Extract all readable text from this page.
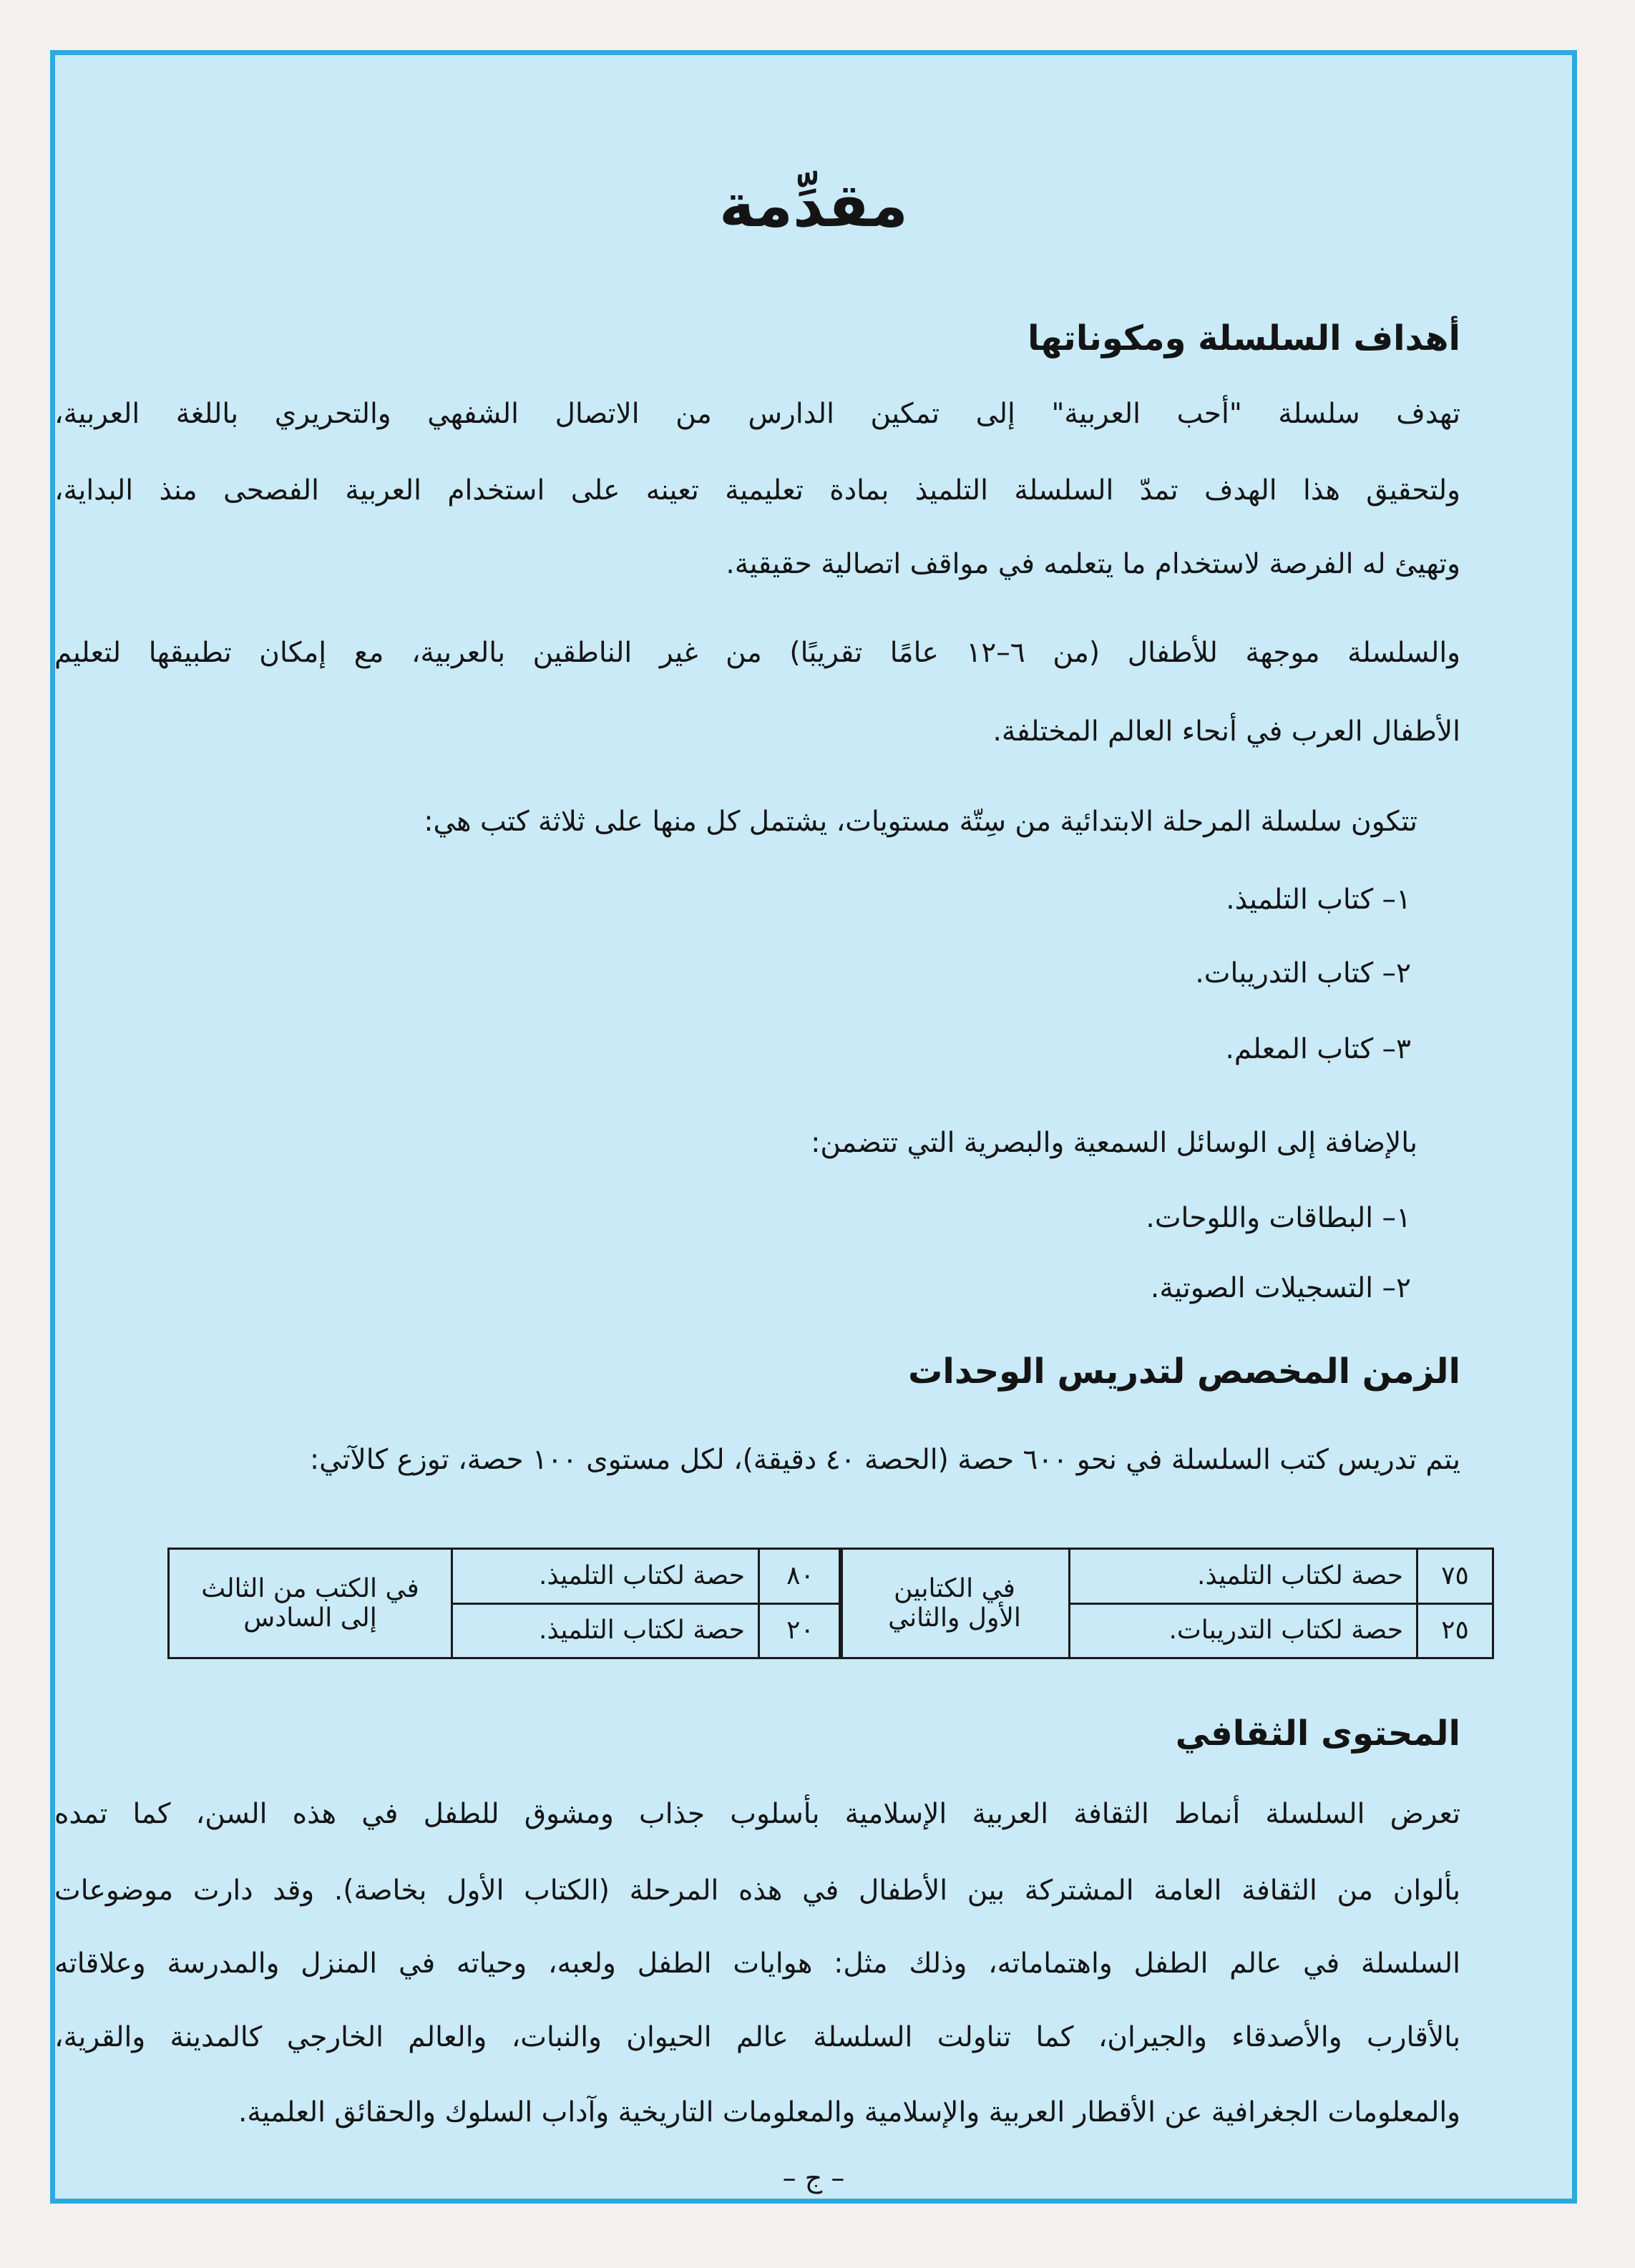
مقدِّمة
أهداف السلسلة ومكوناتها
تهدف سلسلة "أحب العربية" إلى تمكين الدارس من الاتصال الشفهي والتحريري باللغة العربية،
ولتحقيق هذا الهدف تمدّ السلسلة التلميذ بمادة تعليمية تعينه على استخدام العربية الفصحى منذ البداية،
وتهيئ له الفرصة لاستخدام ما يتعلمه في مواقف اتصالية حقيقية.
والسلسلة موجهة للأطفال (من ٦–١٢ عامًا تقريبًا) من غير الناطقين بالعربية، مع إمكان تطبيقها لتعليم
الأطفال العرب في أنحاء العالم المختلفة.
تتكون سلسلة المرحلة الابتدائية من سِتّة مستويات، يشتمل كل منها على ثلاثة كتب هي:
١– كتاب التلميذ.
٢– كتاب التدريبات.
٣– كتاب المعلم.
بالإضافة إلى الوسائل السمعية والبصرية التي تتضمن:
١– البطاقات واللوحات.
٢– التسجيلات الصوتية.
الزمن المخصص لتدريس الوحدات
يتم تدريس كتب السلسلة في نحو ٦٠٠ حصة (الحصة ٤٠ دقيقة)، لكل مستوى ١٠٠ حصة، توزع كالآتي:
٧٥	حصة لكتاب التلميذ.	في الكتابين
الأول والثاني
٢٥	حصة لكتاب التدريبات.	
٨٠	حصة لكتاب التلميذ.	في الكتب من الثالث
إلى السادس
٢٠	حصة لكتاب التلميذ.	
المحتوى الثقافي
تعرض السلسلة أنماط الثقافة العربية الإسلامية بأسلوب جذاب ومشوق للطفل في هذه السن، كما تمده
بألوان من الثقافة العامة المشتركة بين الأطفال في هذه المرحلة (الكتاب الأول بخاصة). وقد دارت موضوعات
السلسلة في عالم الطفل واهتماماته، وذلك مثل: هوايات الطفل ولعبه، وحياته في المنزل والمدرسة وعلاقاته
بالأقارب والأصدقاء والجيران، كما تناولت السلسلة عالم الحيوان والنبات، والعالم الخارجي كالمدينة والقرية،
والمعلومات الجغرافية عن الأقطار العربية والإسلامية والمعلومات التاريخية وآداب السلوك والحقائق العلمية.
– ج –
